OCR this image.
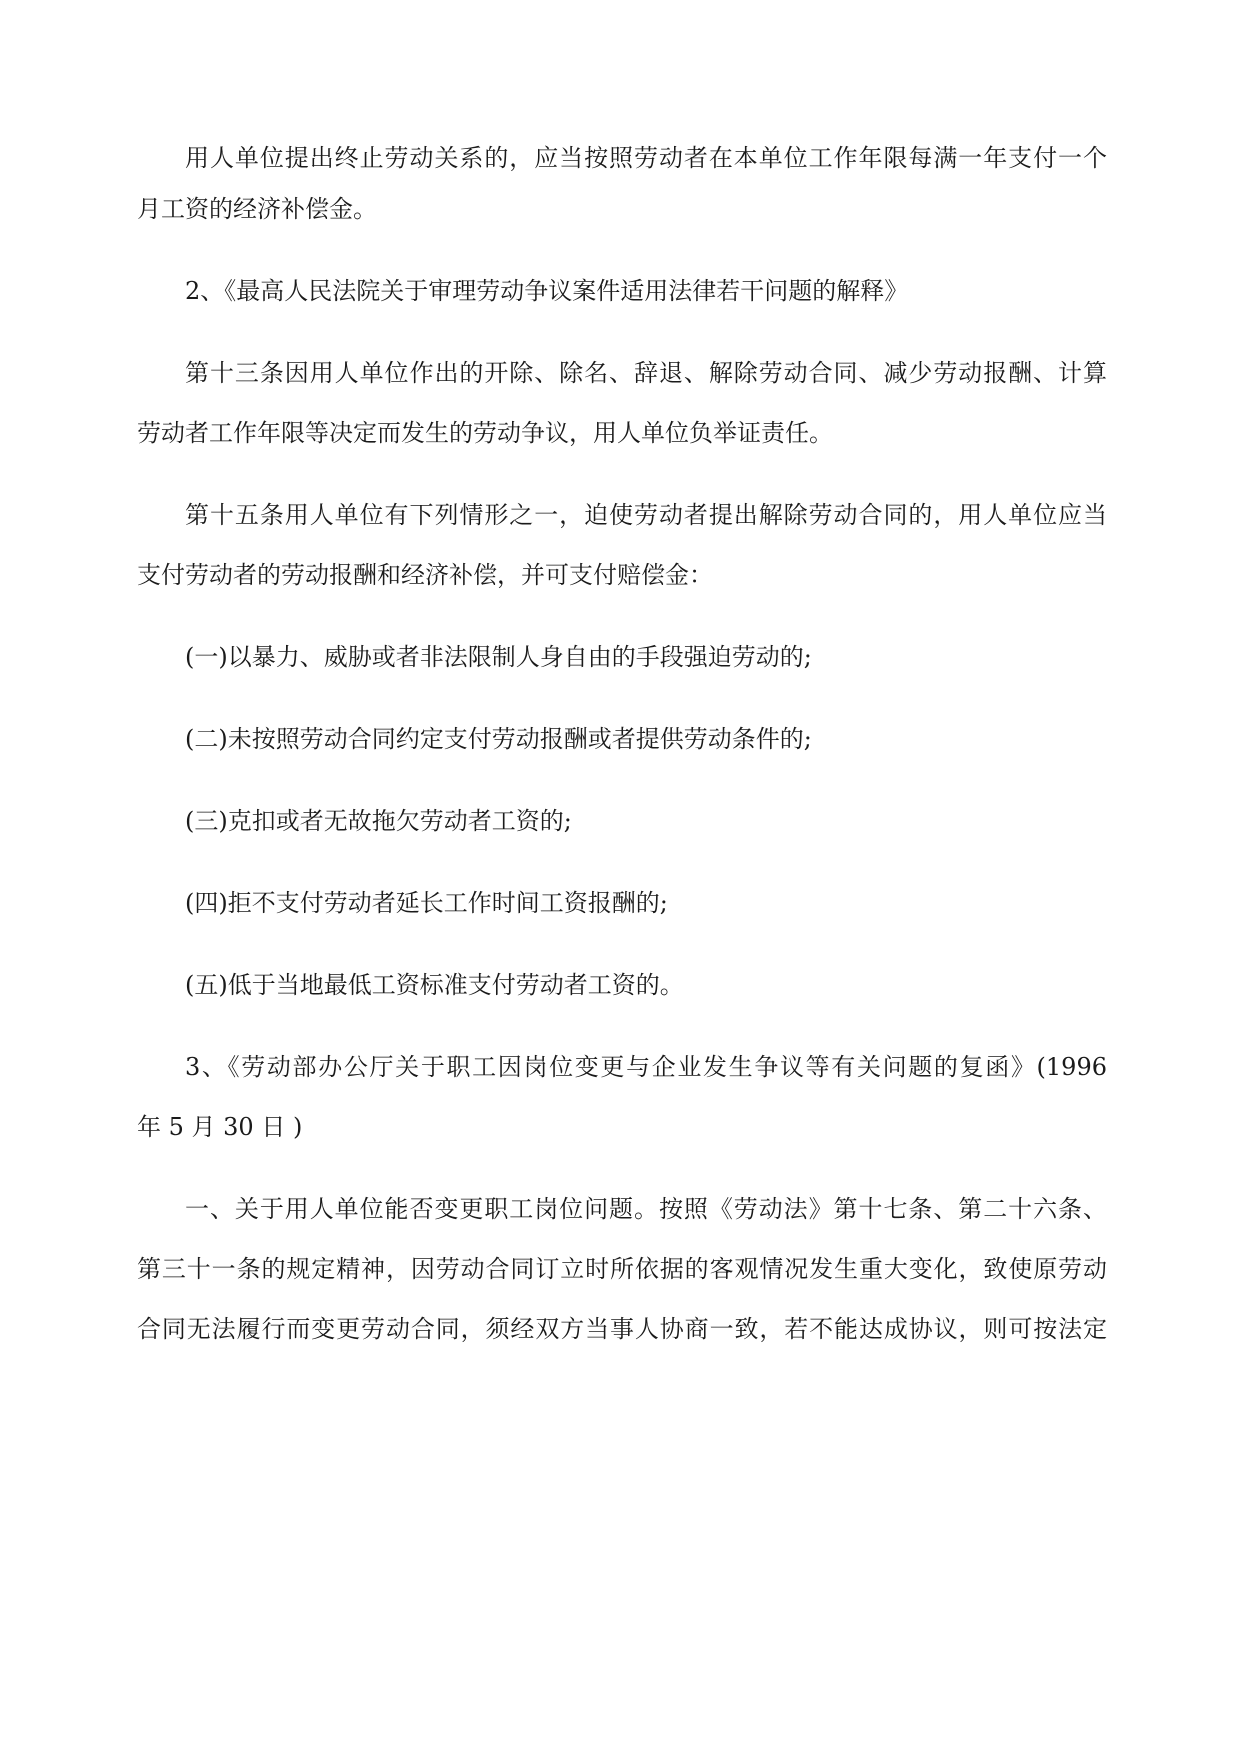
用人单位提出终止劳动关系的，应当按照劳动者在本单位工作年限每满一年支付一个
月工资的经济补偿金。
2、《最高人民法院关于审理劳动争议案件适用法律若干问题的解释》
第十三条因用人单位作出的开除、除名、辞退、解除劳动合同、减少劳动报酬、计算
劳动者工作年限等决定而发生的劳动争议，用人单位负举证责任。
第十五条用人单位有下列情形之一，迫使劳动者提出解除劳动合同的，用人单位应当
支付劳动者的劳动报酬和经济补偿，并可支付赔偿金：
(一)以暴力、威胁或者非法限制人身自由的手段强迫劳动的;
(二)未按照劳动合同约定支付劳动报酬或者提供劳动条件的;
(三)克扣或者无故拖欠劳动者工资的;
(四)拒不支付劳动者延长工作时间工资报酬的;
(五)低于当地最低工资标准支付劳动者工资的。
3、《劳动部办公厅关于职工因岗位变更与企业发生争议等有关问题的复函》(1996
年 5 月 30 日 )
一、关于用人单位能否变更职工岗位问题。按照《劳动法》第十七条、第二十六条、
第三十一条的规定精神，因劳动合同订立时所依据的客观情况发生重大变化，致使原劳动
合同无法履行而变更劳动合同，须经双方当事人协商一致，若不能达成协议，则可按法定
